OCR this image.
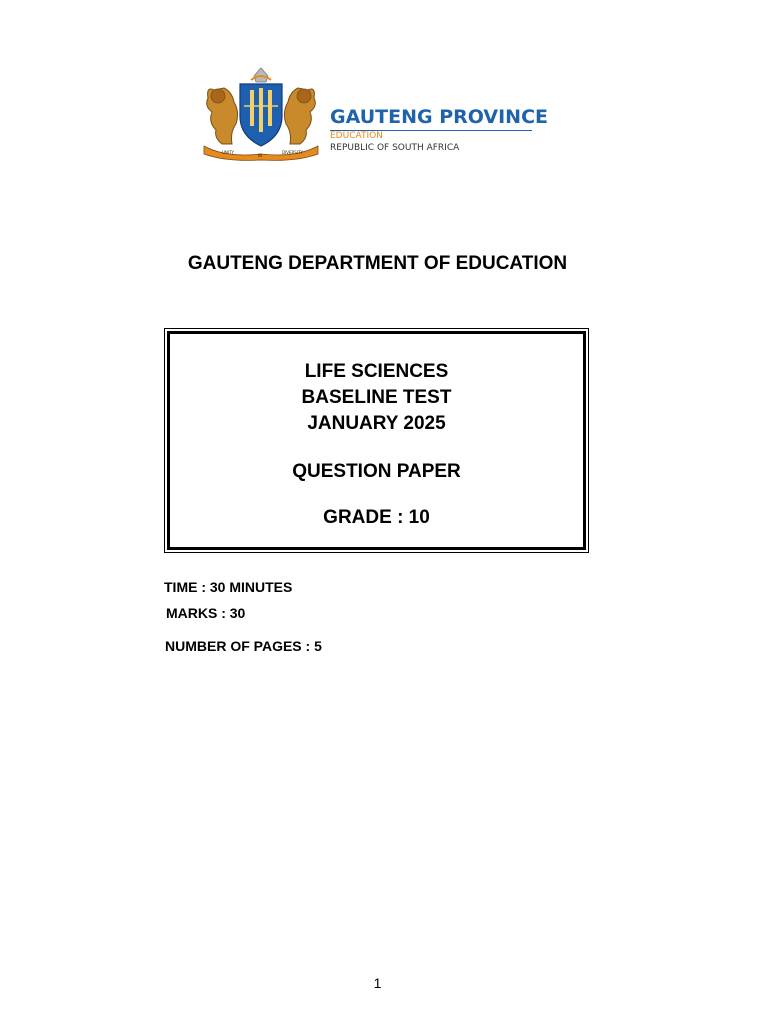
UNITY
IN
DIVERSITY
GAUTENG PROVINCE
EDUCATION
REPUBLIC OF SOUTH AFRICA
GAUTENG DEPARTMENT OF EDUCATION
LIFE SCIENCES
BASELINE TEST
JANUARY 2025
QUESTION PAPER
GRADE : 10
TIME : 30 MINUTES
MARKS : 30
NUMBER OF PAGES : 5
1
